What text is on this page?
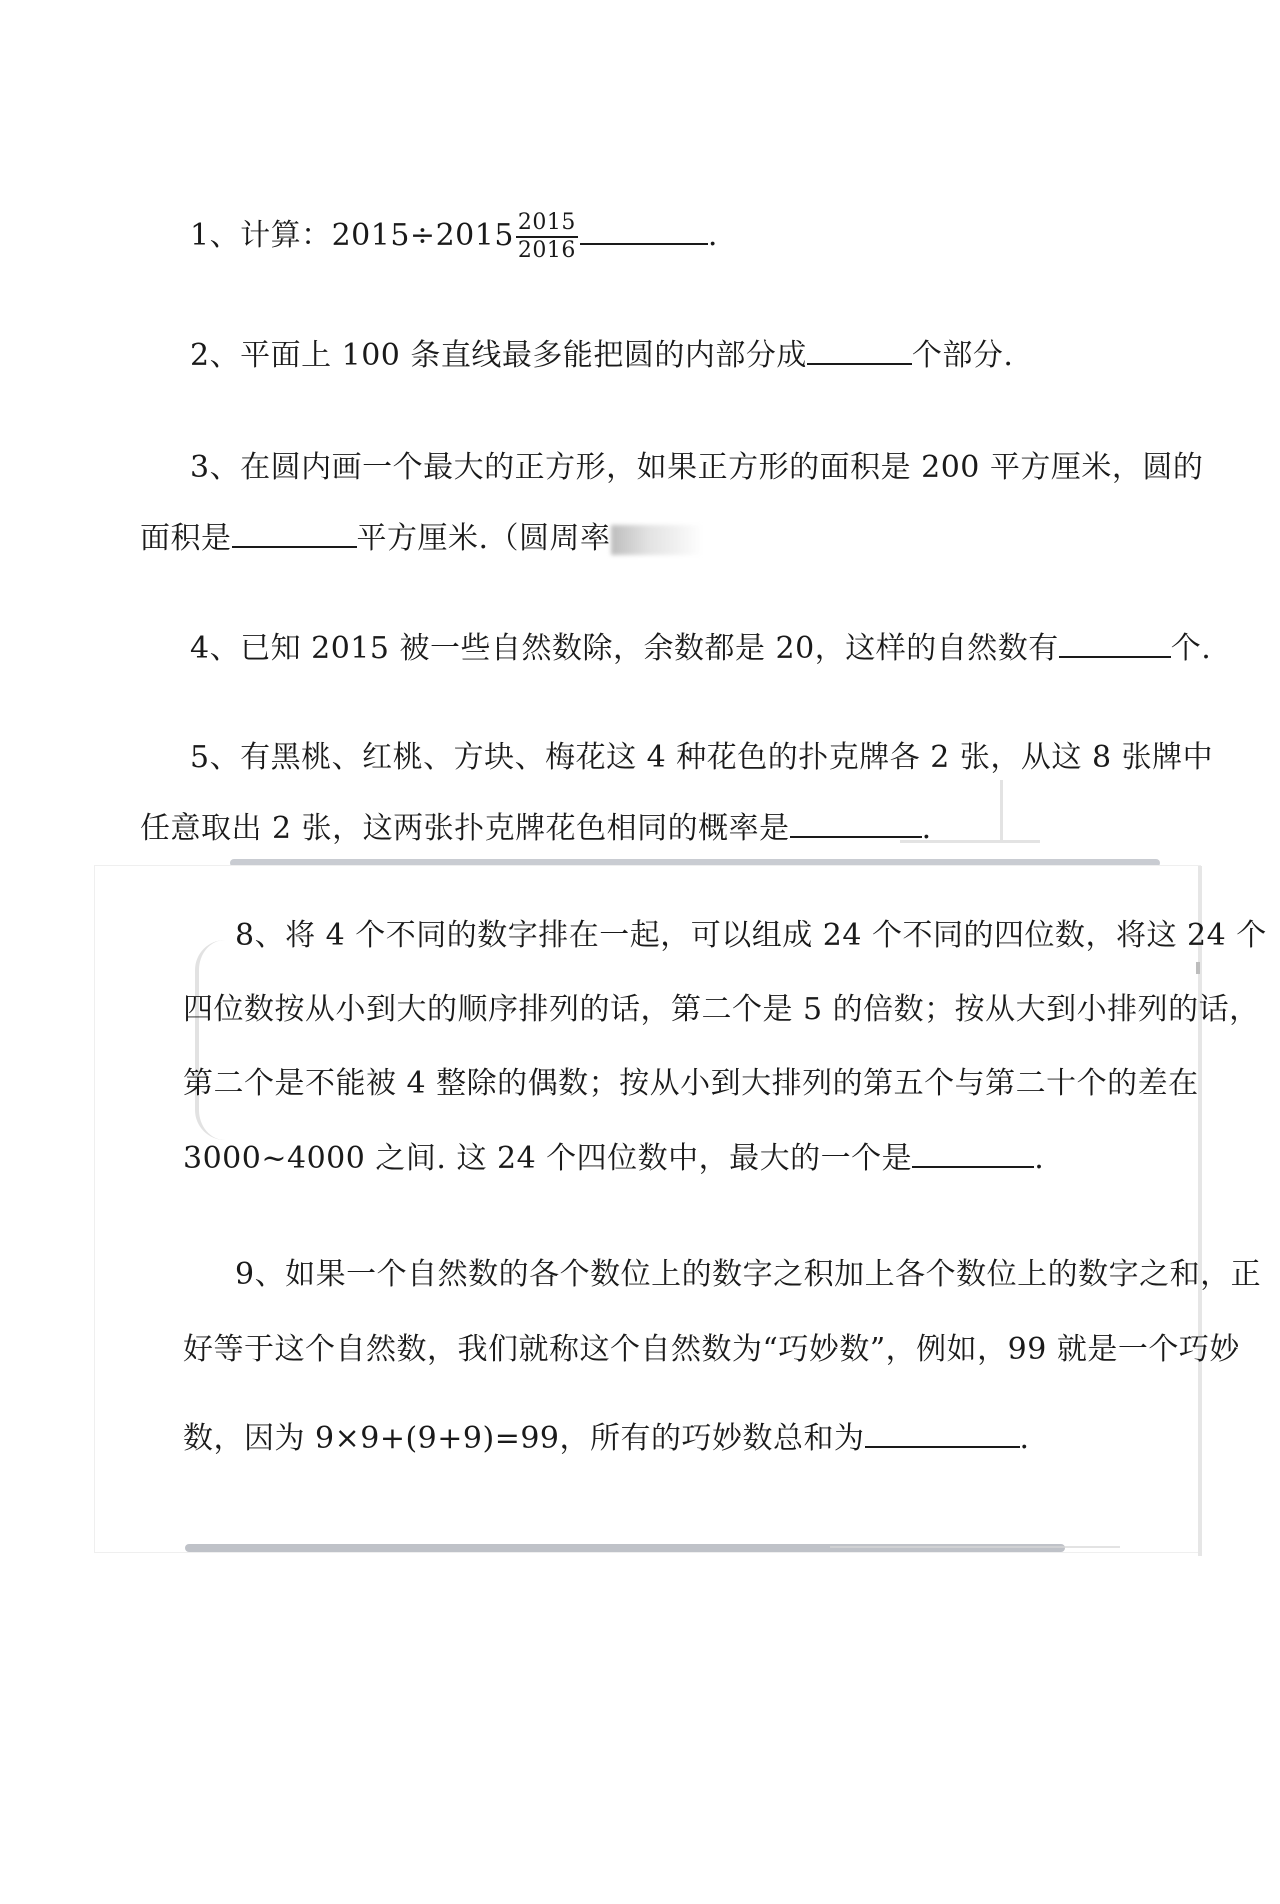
1、计算：$2015\div 2015 \frac{2015}{2016}$	.
2、平面上 100 条直线最多能把圆的内部分成	个部分.
3、在圆内画一个最大的正方形，如果正方形的面积是 200 平方厘米，圆的
面积是	平方厘米.（圆周率
4、已知 2015 被一些自然数除，余数都是 20，这样的自然数有	个.
5、有黑桃、红桃、方块、梅花这 4 种花色的扑克牌各 2 张，从这 8 张牌中
任意取出 2 张，这两张扑克牌花色相同的概率是	.
8、将 4 个不同的数字排在一起，可以组成 24 个不同的四位数，将这 24 个
四位数按从小到大的顺序排列的话，第二个是 5 的倍数；按从大到小排列的话，
第二个是不能被 4 整除的偶数；按从小到大排列的第五个与第二十个的差在
3000~4000 之间. 这 24 个四位数中，最大的一个是	.
9、如果一个自然数的各个数位上的数字之积加上各个数位上的数字之和，正
好等于这个自然数，我们就称这个自然数为“巧妙数”，例如，99 就是一个巧妙
数，因为 9×9+(9+9)=99，所有的巧妙数总和为	.
